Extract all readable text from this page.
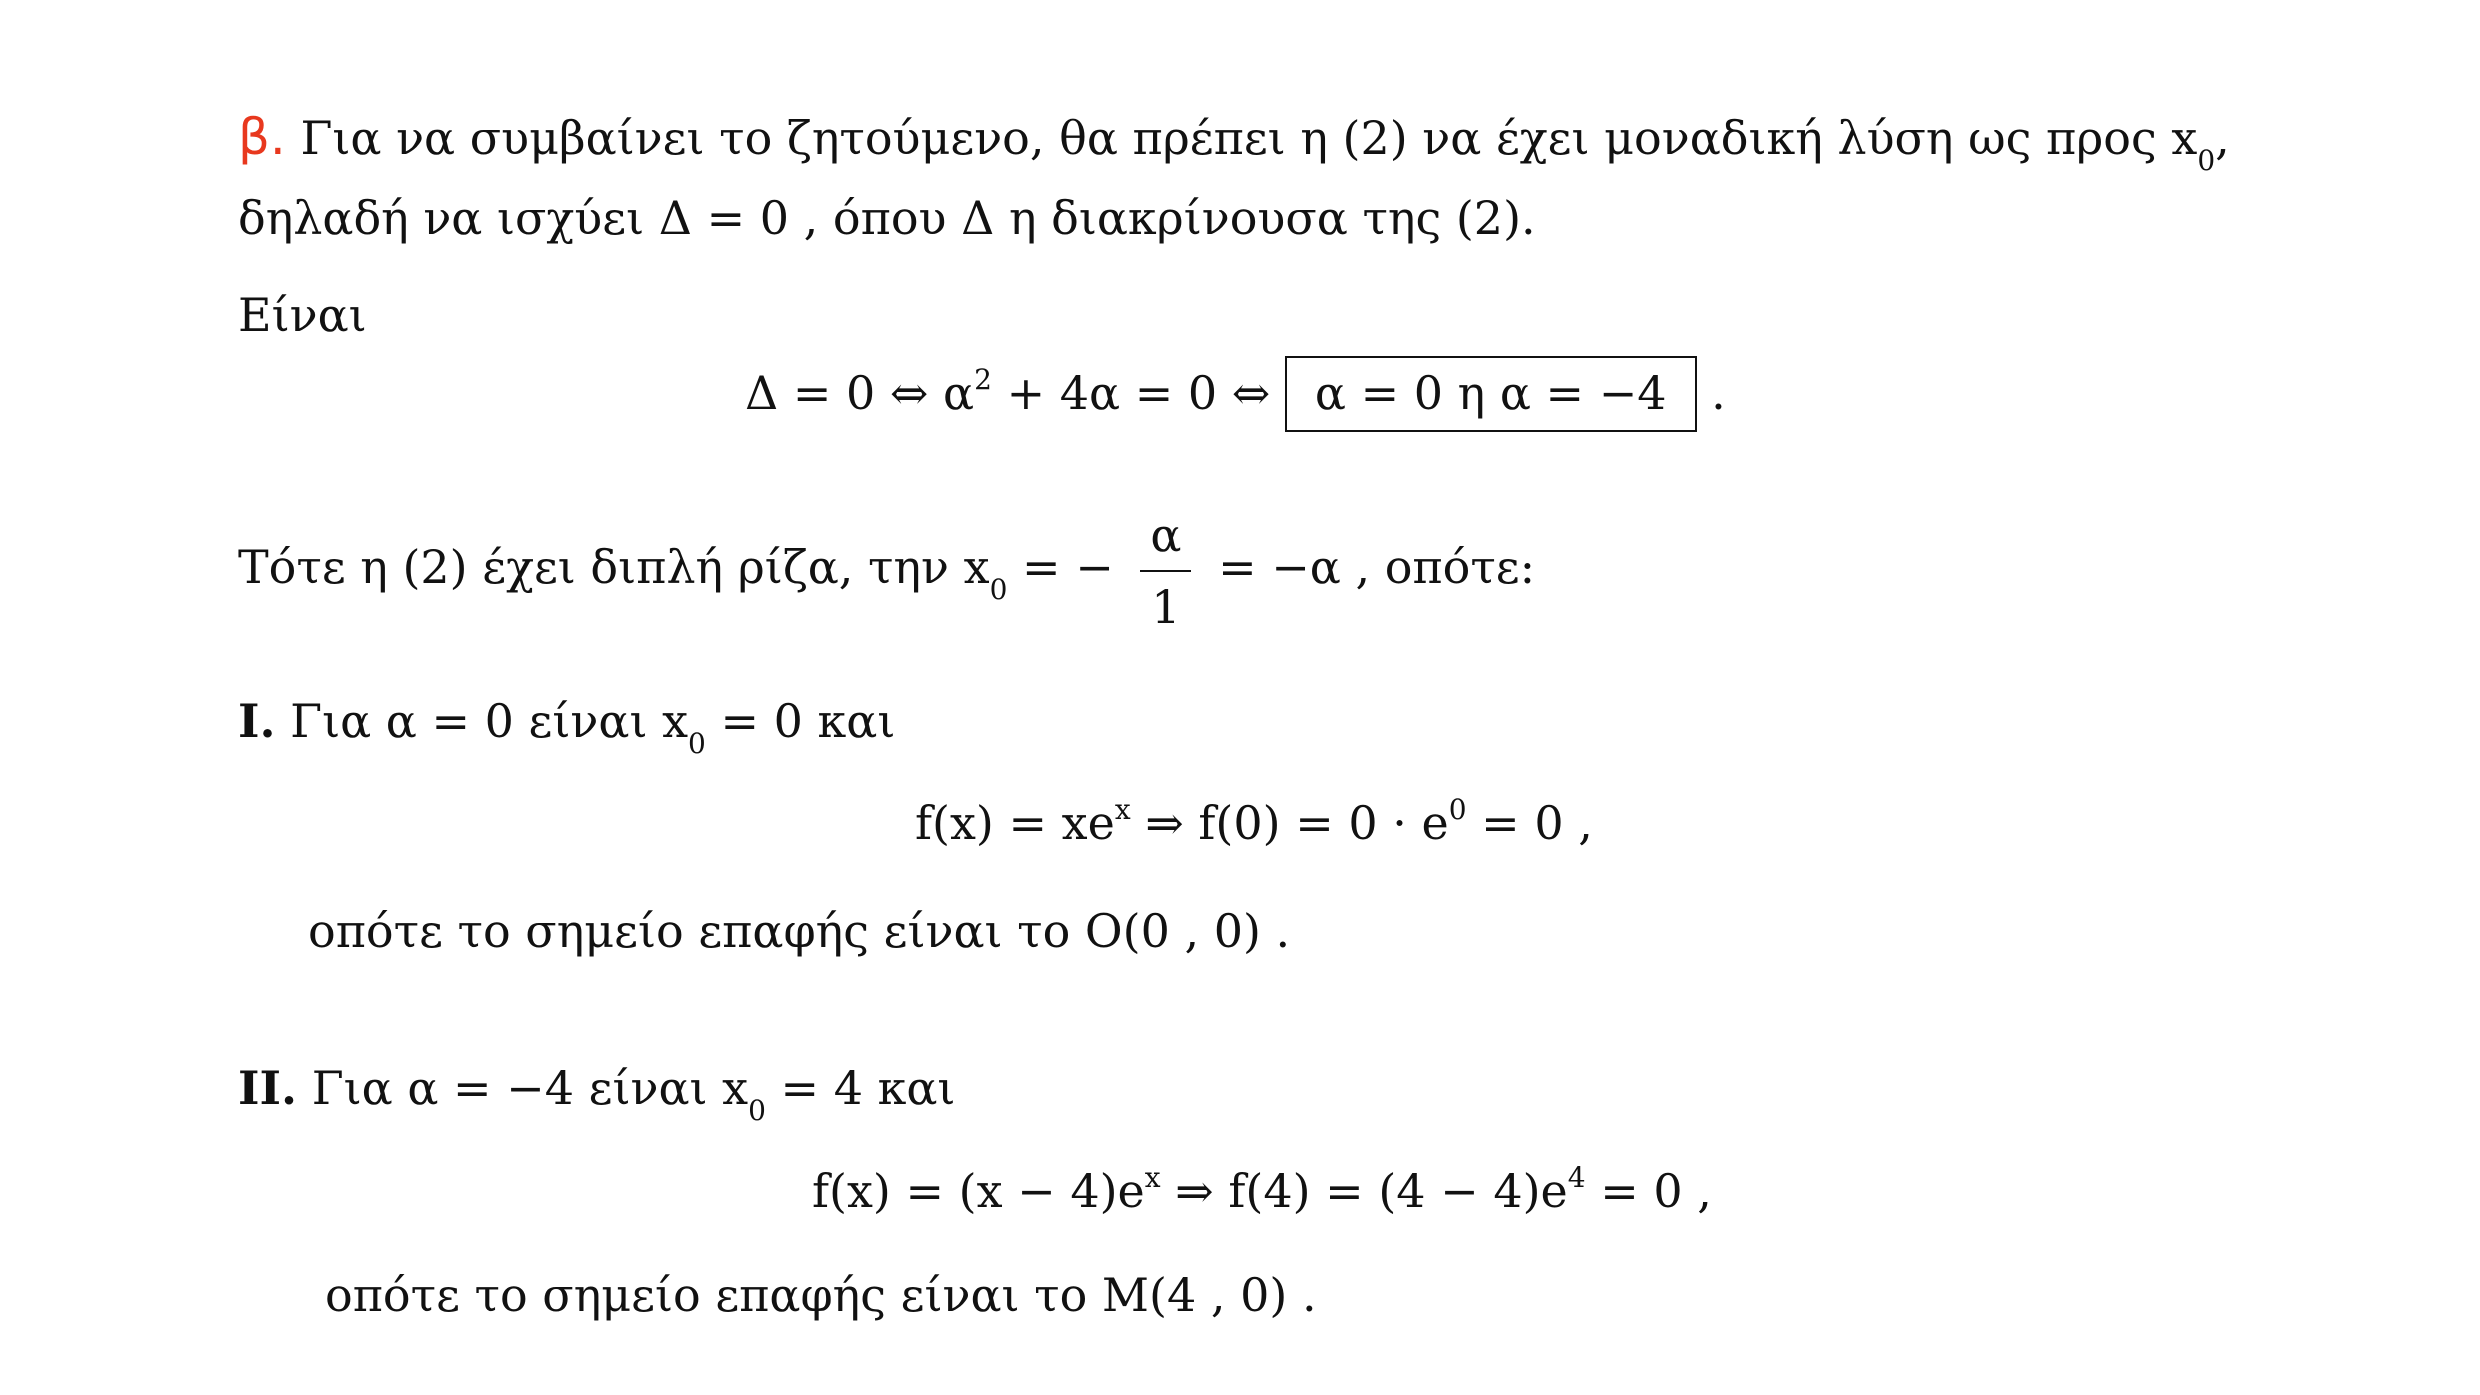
β. Για να συμβαίνει το ζητούμενο, θα πρέπει η (2) να έχει μοναδική λύση ως προς $x_0$,
δηλαδή να ισχύει Δ = 0 , όπου Δ η διακρίνουσα της (2).
Είναι
Δ = 0 ⇔ $\alpha^2 + 4\alpha = 0$ ⇔ α = 0 η α = −4 .
Τότε η (2) έχει διπλή ρίζα, την $x_0$ = − $\frac{\alpha}{1} = -\alpha$ , οπότε:
I. Για α = 0 είναι $x_0 = 0$ και
$f(x) = xe^x$ ⇒ $f(0) = 0 \cdot e^0 = 0$ ,
οπότε το σημείο επαφής είναι το O(0 , 0) .
II. Για α = −4 είναι $x_0 = 4$ και
$f(x) = (x - 4)e^x$ ⇒ $f(4) = (4 - 4)e^4 = 0$ ,
οπότε το σημείο επαφής είναι το M(4 , 0) .
